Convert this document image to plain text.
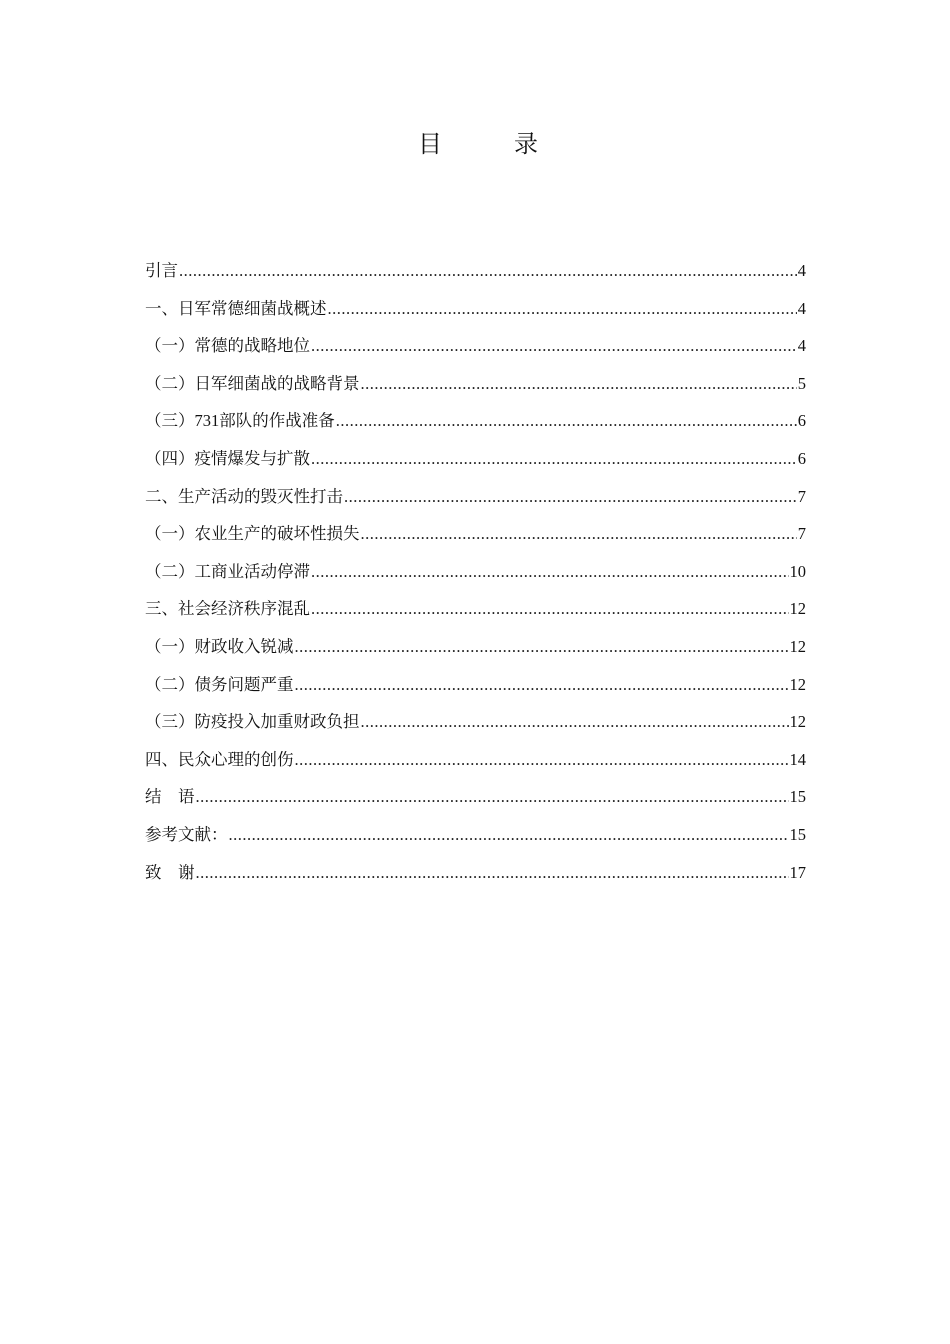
目　录
引言 .....	4
一、日军常德细菌战概述 .....	4
（一）常德的战略地位 .....	4
（二）日军细菌战的战略背景 .....	5
（三）731部队的作战准备 .....	6
（四）疫情爆发与扩散 .....	6
二、生产活动的毁灭性打击 .....	7
（一）农业生产的破坏性损失 .....	7
（二）工商业活动停滞 .....	10
三、社会经济秩序混乱 .....	12
（一）财政收入锐减 .....	12
（二）债务问题严重 .....	12
（三）防疫投入加重财政负担 .....	12
四、民众心理的创伤 .....	14
结　语 .....	15
参考文献： .....	15
致　谢 .....	17
